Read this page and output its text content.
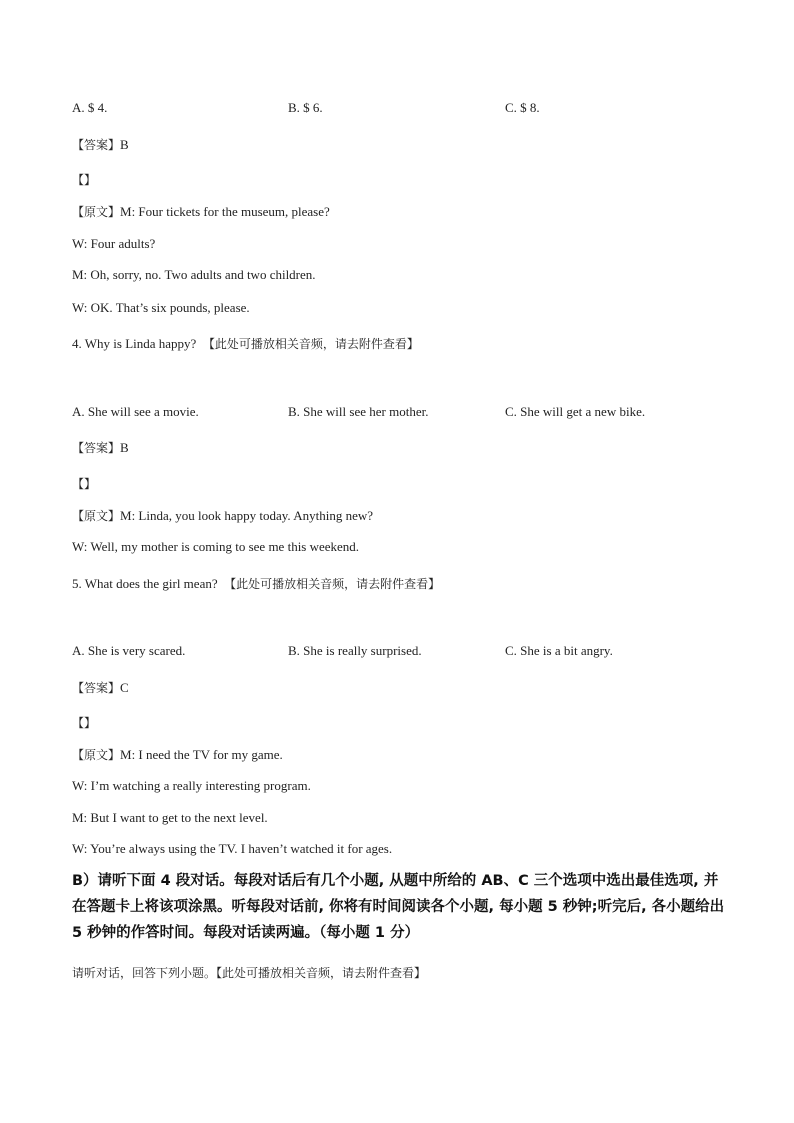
A. $ 4.	B. $ 6.	C. $ 8.
【答案】B
【】
【原文】M: Four tickets for the museum, please?
W: Four adults?
M: Oh, sorry, no. Two adults and two children.
W: OK. That’s six pounds, please.
4. Why is Linda happy? 【此处可播放相关音频，请去附件查看】
A. She will see a movie.	B. She will see her mother.	C. She will get a new bike.
【答案】B
【】
【原文】M: Linda, you look happy today. Anything new?
W: Well, my mother is coming to see me this weekend.
5. What does the girl mean? 【此处可播放相关音频，请去附件查看】
A. She is very scared.	B. She is really surprised.	C. She is a bit angry.
【答案】C
【】
【原文】M: I need the TV for my game.
W: I’m watching a really interesting program.
M: But I want to get to the next level.
W: You’re always using the TV. I haven’t watched it for ages.
B）请听下面 4 段对话。每段对话后有几个小题, 从题中所给的 AB、C 三个选项中选出最佳选项, 并在答题卡上将该项涂黑。听每段对话前, 你将有时间阅读各个小题, 每小题 5 秒钟;听完后, 各小题给出 5 秒钟的作答时间。每段对话读两遍。（每小题 1 分）
请听对话，回答下列小题。【此处可播放相关音频，请去附件查看】
